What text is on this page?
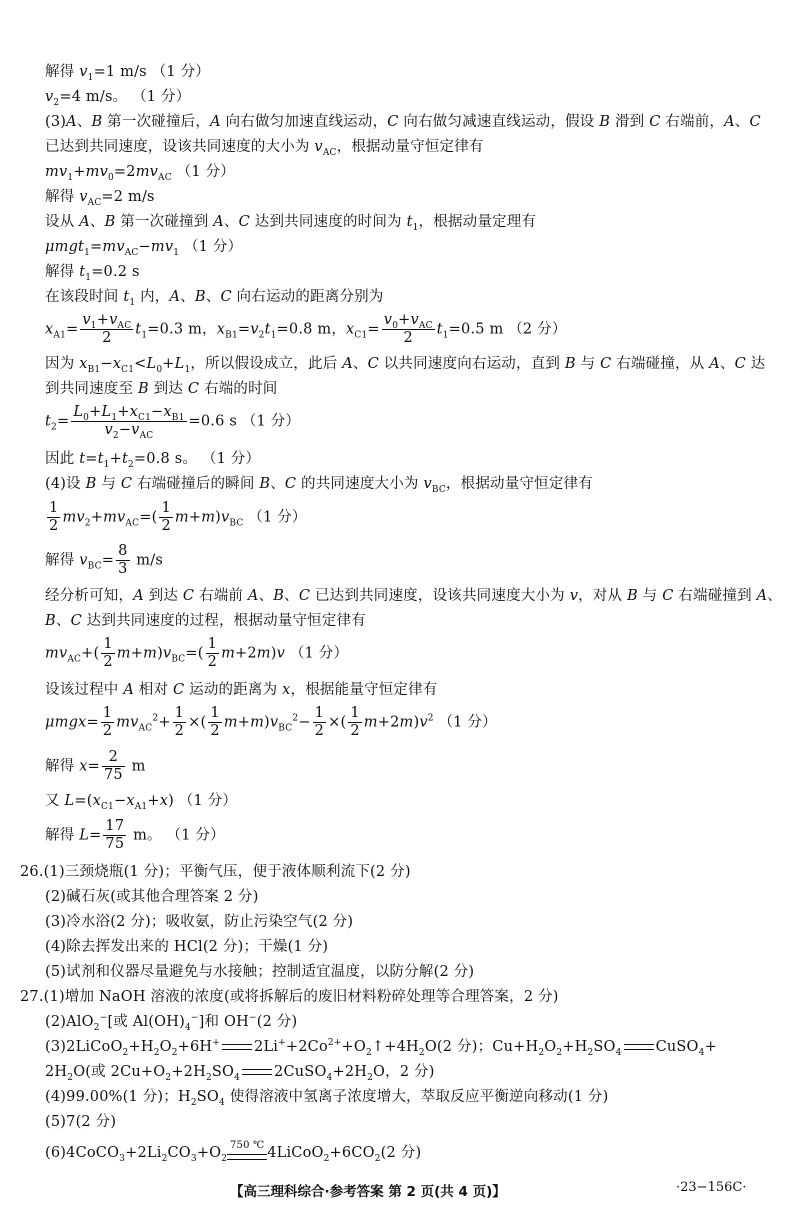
解得 $v_1=1$ m/s （1 分）
$v_2=4$ m/s。 （1 分）
(3)A、B 第一次碰撞后，A 向右做匀加速直线运动，C 向右做匀减速直线运动，假设 B 滑到 C 右端前，A、C
已达到共同速度，设该共同速度的大小为 $v_{AC}$，根据动量守恒定律有
$mv_1+mv_0=2mv_{AC}$ （1 分）
解得 $v_{AC}=2$ m/s
设从 A、B 第一次碰撞到 A、C 达到共同速度的时间为 $t_1$，根据动量定理有
$\mu mgt_1=mv_{AC}-mv_1$ （1 分）
解得 $t_1=0.2$ s
在该段时间 $t_1$ 内，A、B、C 向右运动的距离分别为
$x_{A1}= \frac{v_1+v_{AC}}{2} t_1=0.3$ m，$x_{B1}=v_2t_1=0.8$ m，$x_{C1}= \frac{v_0+v_{AC}}{2} t_1=0.5$ m （2 分）
因为 $x_{B1}-x_{C1}<L_0+L_1$，所以假设成立，此后 A、C 以共同速度向右运动，直到 B 与 C 右端碰撞，从 A、C 达
到共同速度至 B 到达 C 右端的时间
$t_2= \frac{L_0+L_1+x_{C1}-x_{B1}}{v_2-v_{AC}} =0.6$ s （1 分）
因此 $t=t_1+t_2=0.8$ s。 （1 分）
(4)设 B 与 C 右端碰撞后的瞬间 B、C 的共同速度大小为 $v_{BC}$，根据动量守恒定律有
$\frac{1}{2} mv_2+mv_{AC}=( \frac{1}{2} m+m)v_{BC}$ （1 分）
解得 $v_{BC}= \frac{8}{3} m/s$
经分析可知，A 到达 C 右端前 A、B、C 已达到共同速度，设该共同速度大小为 v，对从 B 与 C 右端碰撞到 A、
B、C 达到共同速度的过程，根据动量守恒定律有
$mv_{AC}+( \frac{1}{2} m+m)v_{BC}=( \frac{1}{2} m+2m)v$ （1 分）
设该过程中 A 相对 C 运动的距离为 x，根据能量守恒定律有
$\mu mgx= \frac{1}{2} mv_{AC}^2+ \frac{1}{2}$ ×( $\frac{1}{2} m+m)v_{BC}^2- \frac{1}{2}$ ×( $\frac{1}{2} m+2m)v^2$ （1 分）
解得 $x= \frac{2}{75}$ m
又 $L=(x_{C1}-x_{A1}+x)$ （1 分）
解得 $L= \frac{17}{75}$ m。 （1 分）
26.(1)三颈烧瓶(1 分)；平衡气压，便于液体顺利流下(2 分)
(2)碱石灰(或其他合理答案 2 分)
(3)冷水浴(2 分)；吸收氨，防止污染空气(2 分)
(4)除去挥发出来的 HCl(2 分)；干燥(1 分)
(5)试剂和仪器尽量避免与水接触；控制适宜温度，以防分解(2 分)
27.(1)增加 NaOH 溶液的浓度(或将拆解后的废旧材料粉碎处理等合理答案，2 分)
(2)AlO$_2$−[或 $Al(OH)_4^-$]和 OH−(2 分)
$(3)2LiCoO_2+H_2O_2+6H^+$ $2Li^++2Co^{2+}+O_2↑+4H_2O(2$ 分)；$Cu+H_2O_2+H_2SO_4$ CuSO$_4$+
$2H_2O$(或 $2Cu+O_2+2H_2SO_4$ $2CuSO_4+2H_2O$，2 分)
(4)99.00%(1 分)；$H_2SO_4$ 使得溶液中氢离子浓度增大，萃取反应平衡逆向移动(1 分)
(5)7(2 分)
$(6)4CoCO_3+2Li_2CO_3+O_2$
750 ℃ $4LiCoO_2+6CO_2(2$ 分)
【高三理科综合·参考答案 第 2 页(共 4 页)】	·23−156C·
